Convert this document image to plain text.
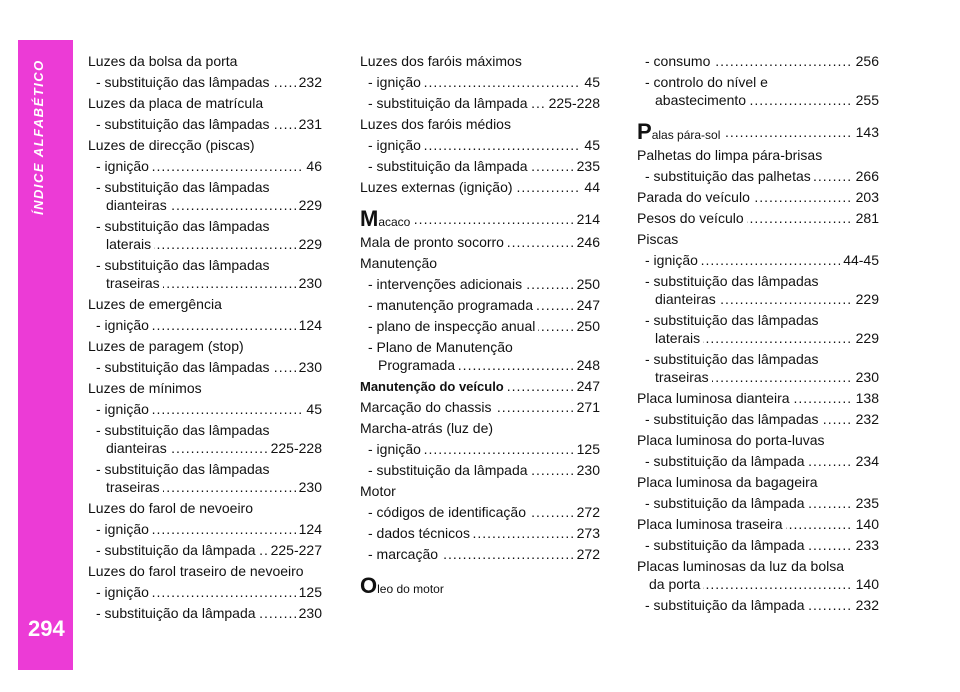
ÍNDICE ALFABÉTICO
294
Luzes da bolsa da porta
- substituição das lâmpadas 232
.....
Luzes da placa de matrícula
- substituição das lâmpadas 231
.....
Luzes de direcção (piscas)
- ignição	46
.....
- substituição das lâmpadas
dianteiras	229
.....
- substituição das lâmpadas
laterais	229
.....
- substituição das lâmpadas
traseiras	230
.....
Luzes de emergência
- ignição	124
.....
Luzes de paragem (stop)
- substituição das lâmpadas 230
.....
Luzes de mínimos
- ignição	45
.....
- substituição das lâmpadas
dianteiras	225-228
.....
- substituição das lâmpadas
traseiras	230
.....
Luzes do farol de nevoeiro
- ignição	124
.....
- substituição da lâmpada 225-227
.....
Luzes do farol traseiro de nevoeiro
- ignição	125
.....
- substituição da lâmpada	230
.....
Luzes dos faróis máximos
- ignição	45
.....
- substituição da lâmpada 225-228
.....
Luzes dos faróis médios
- ignição	45
.....
- substituição da lâmpada	235
.....
Luzes externas (ignição)	44
.....
Macaco	214
.....
Mala de pronto socorro	246
.....
Manutenção
- intervenções adicionais	250
.....
- manutenção programada	247
.....
- plano de inspecção anual	250
.....
- Plano de Manutenção
Programada	248
.....
Manutenção do veículo	247
.....
Marcação do chassis	271
.....
Marcha-atrás (luz de)
- ignição	125
.....
- substituição da lâmpada	230
.....
Motor
- códigos de identificação	272
.....
- dados técnicos	273
.....
- marcação	272
.....
Oleo do motor
- consumo	256
.....
- controlo do nível e
abastecimento	255
.....
Palas pára-sol	143
.....
Palhetas do limpa pára-brisas
- substituição das palhetas	266
.....
Parada do veículo	203
.....
Pesos do veículo	281
.....
Piscas
- ignição	44-45
.....
- substituição das lâmpadas
dianteiras	229
.....
- substituição das lâmpadas
laterais	229
.....
- substituição das lâmpadas
traseiras	230
.....
Placa luminosa dianteira	138
.....
- substituição das lâmpadas	232
.....
Placa luminosa do porta-luvas
- substituição da lâmpada	234
.....
Placa luminosa da bagageira
- substituição da lâmpada	235
.....
Placa luminosa traseira	140
.....
- substituição da lâmpada	233
.....
Placas luminosas da luz da bolsa
da porta	140
.....
- substituição da lâmpada	232
.....
